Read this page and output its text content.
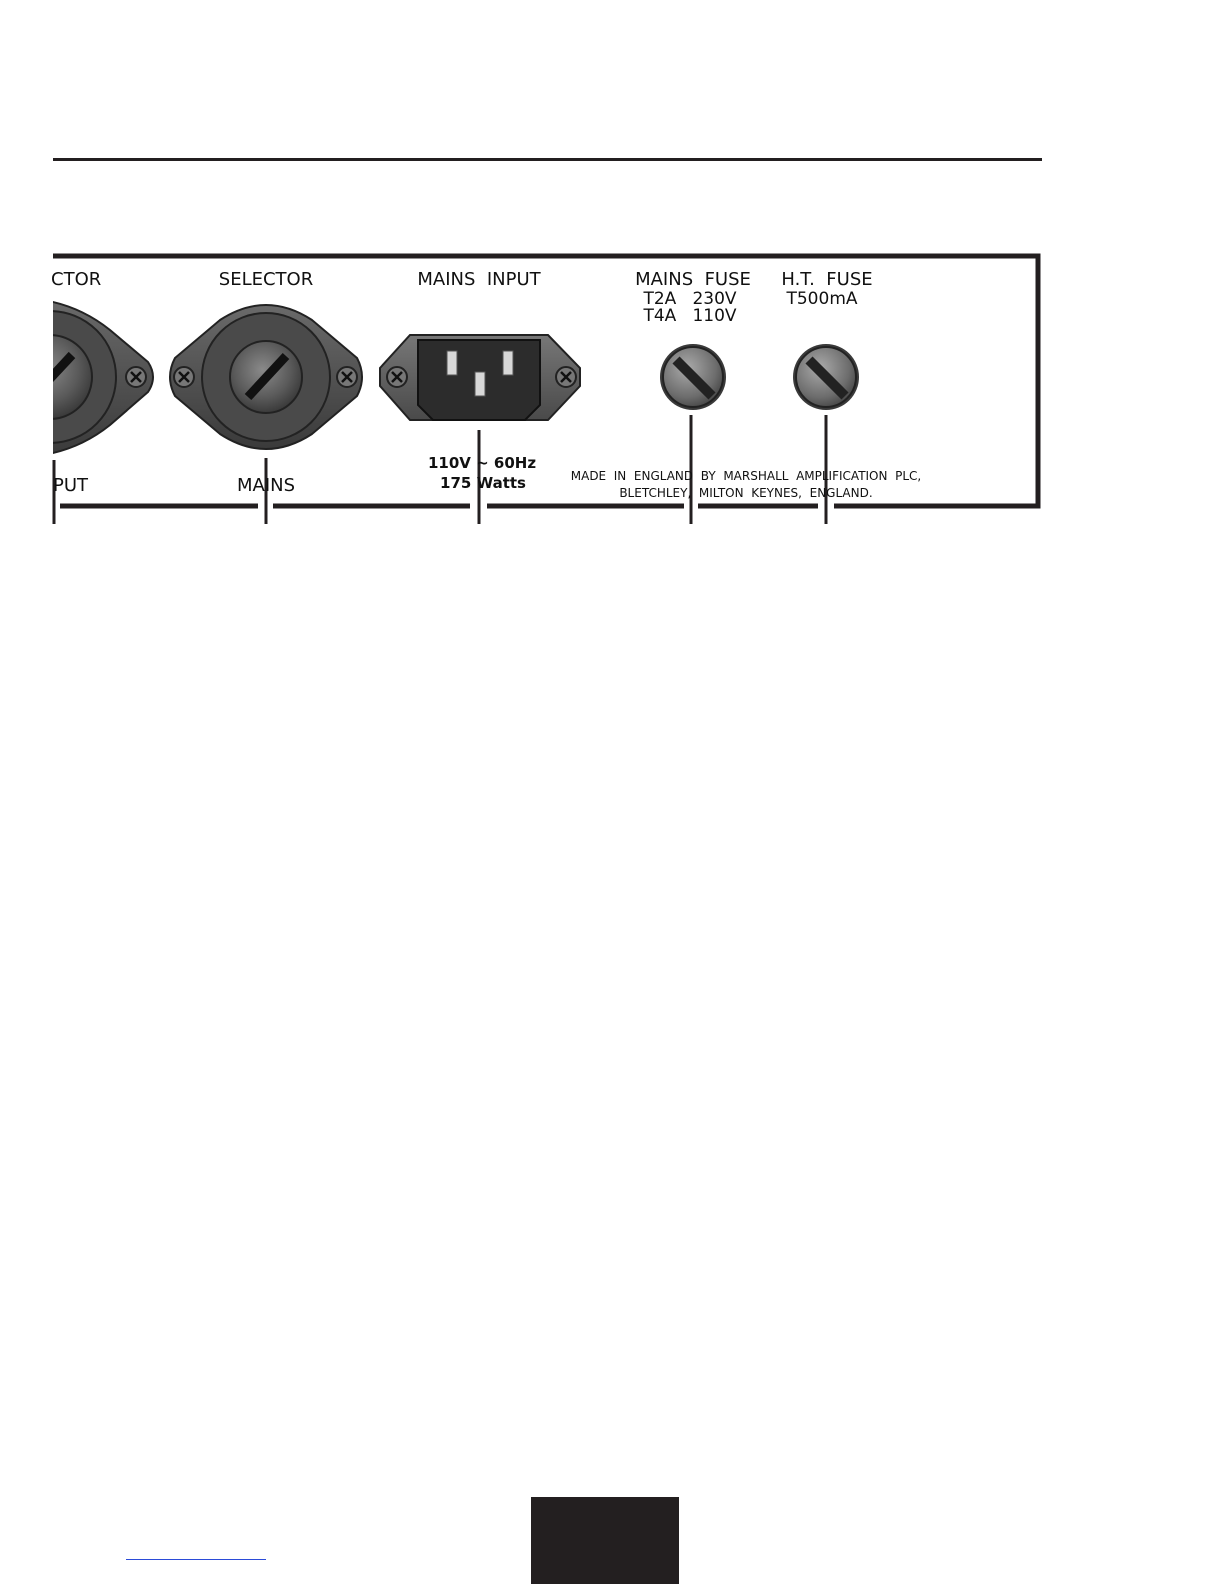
CTOR	SELECTOR	MAINS  INPUT	MAINS  FUSE
T2A   230V
T4A   110V
H.T.  FUSE
T500mA
PUT	MAINS
110V ~ 60Hz
175 Watts	MADE  IN  ENGLAND  BY  MARSHALL  AMPLIFICATION  PLC,
BLETCHLEY,  MILTON  KEYNES,  ENGLAND.
